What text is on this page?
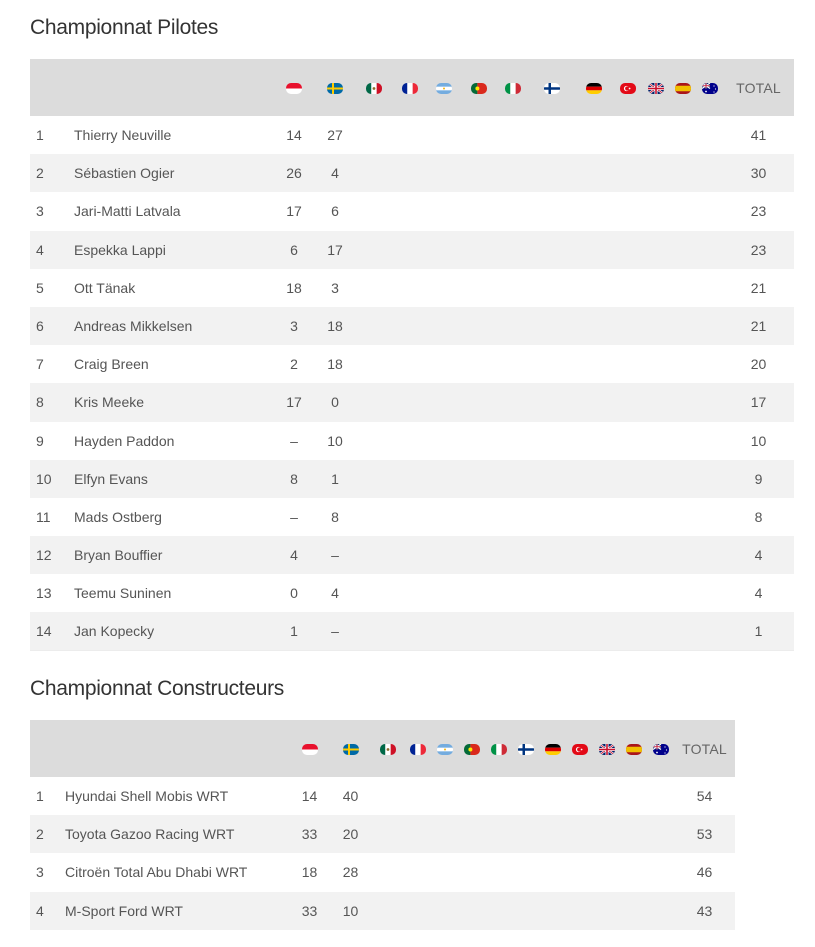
Championnat Pilotes

	TOTAL
1	Thierry Neuville	14	27												41
2	Sébastien Ogier	26	4												30
3	Jari-Matti Latvala	17	6												23
4	Espekka Lappi	6	17												23
5	Ott Tänak	18	3												21
6	Andreas Mikkelsen	3	18												21
7	Craig Breen	2	18												20
8	Kris Meeke	17	0												17
9	Hayden Paddon	–	10												10
10	Elfyn Evans	8	1												9
11	Mads Ostberg	–	8												8
12	Bryan Bouffier	4	–												4
13	Teemu Suninen	0	4												4
14	Jan Kopecky	1	–												1
Championnat Constructeurs

	TOTAL
1	Hyundai Shell Mobis WRT	14	40												54
2	Toyota Gazoo Racing WRT	33	20												53
3	Citroën Total Abu Dhabi WRT	18	28												46
4	M-Sport Ford WRT	33	10												43
